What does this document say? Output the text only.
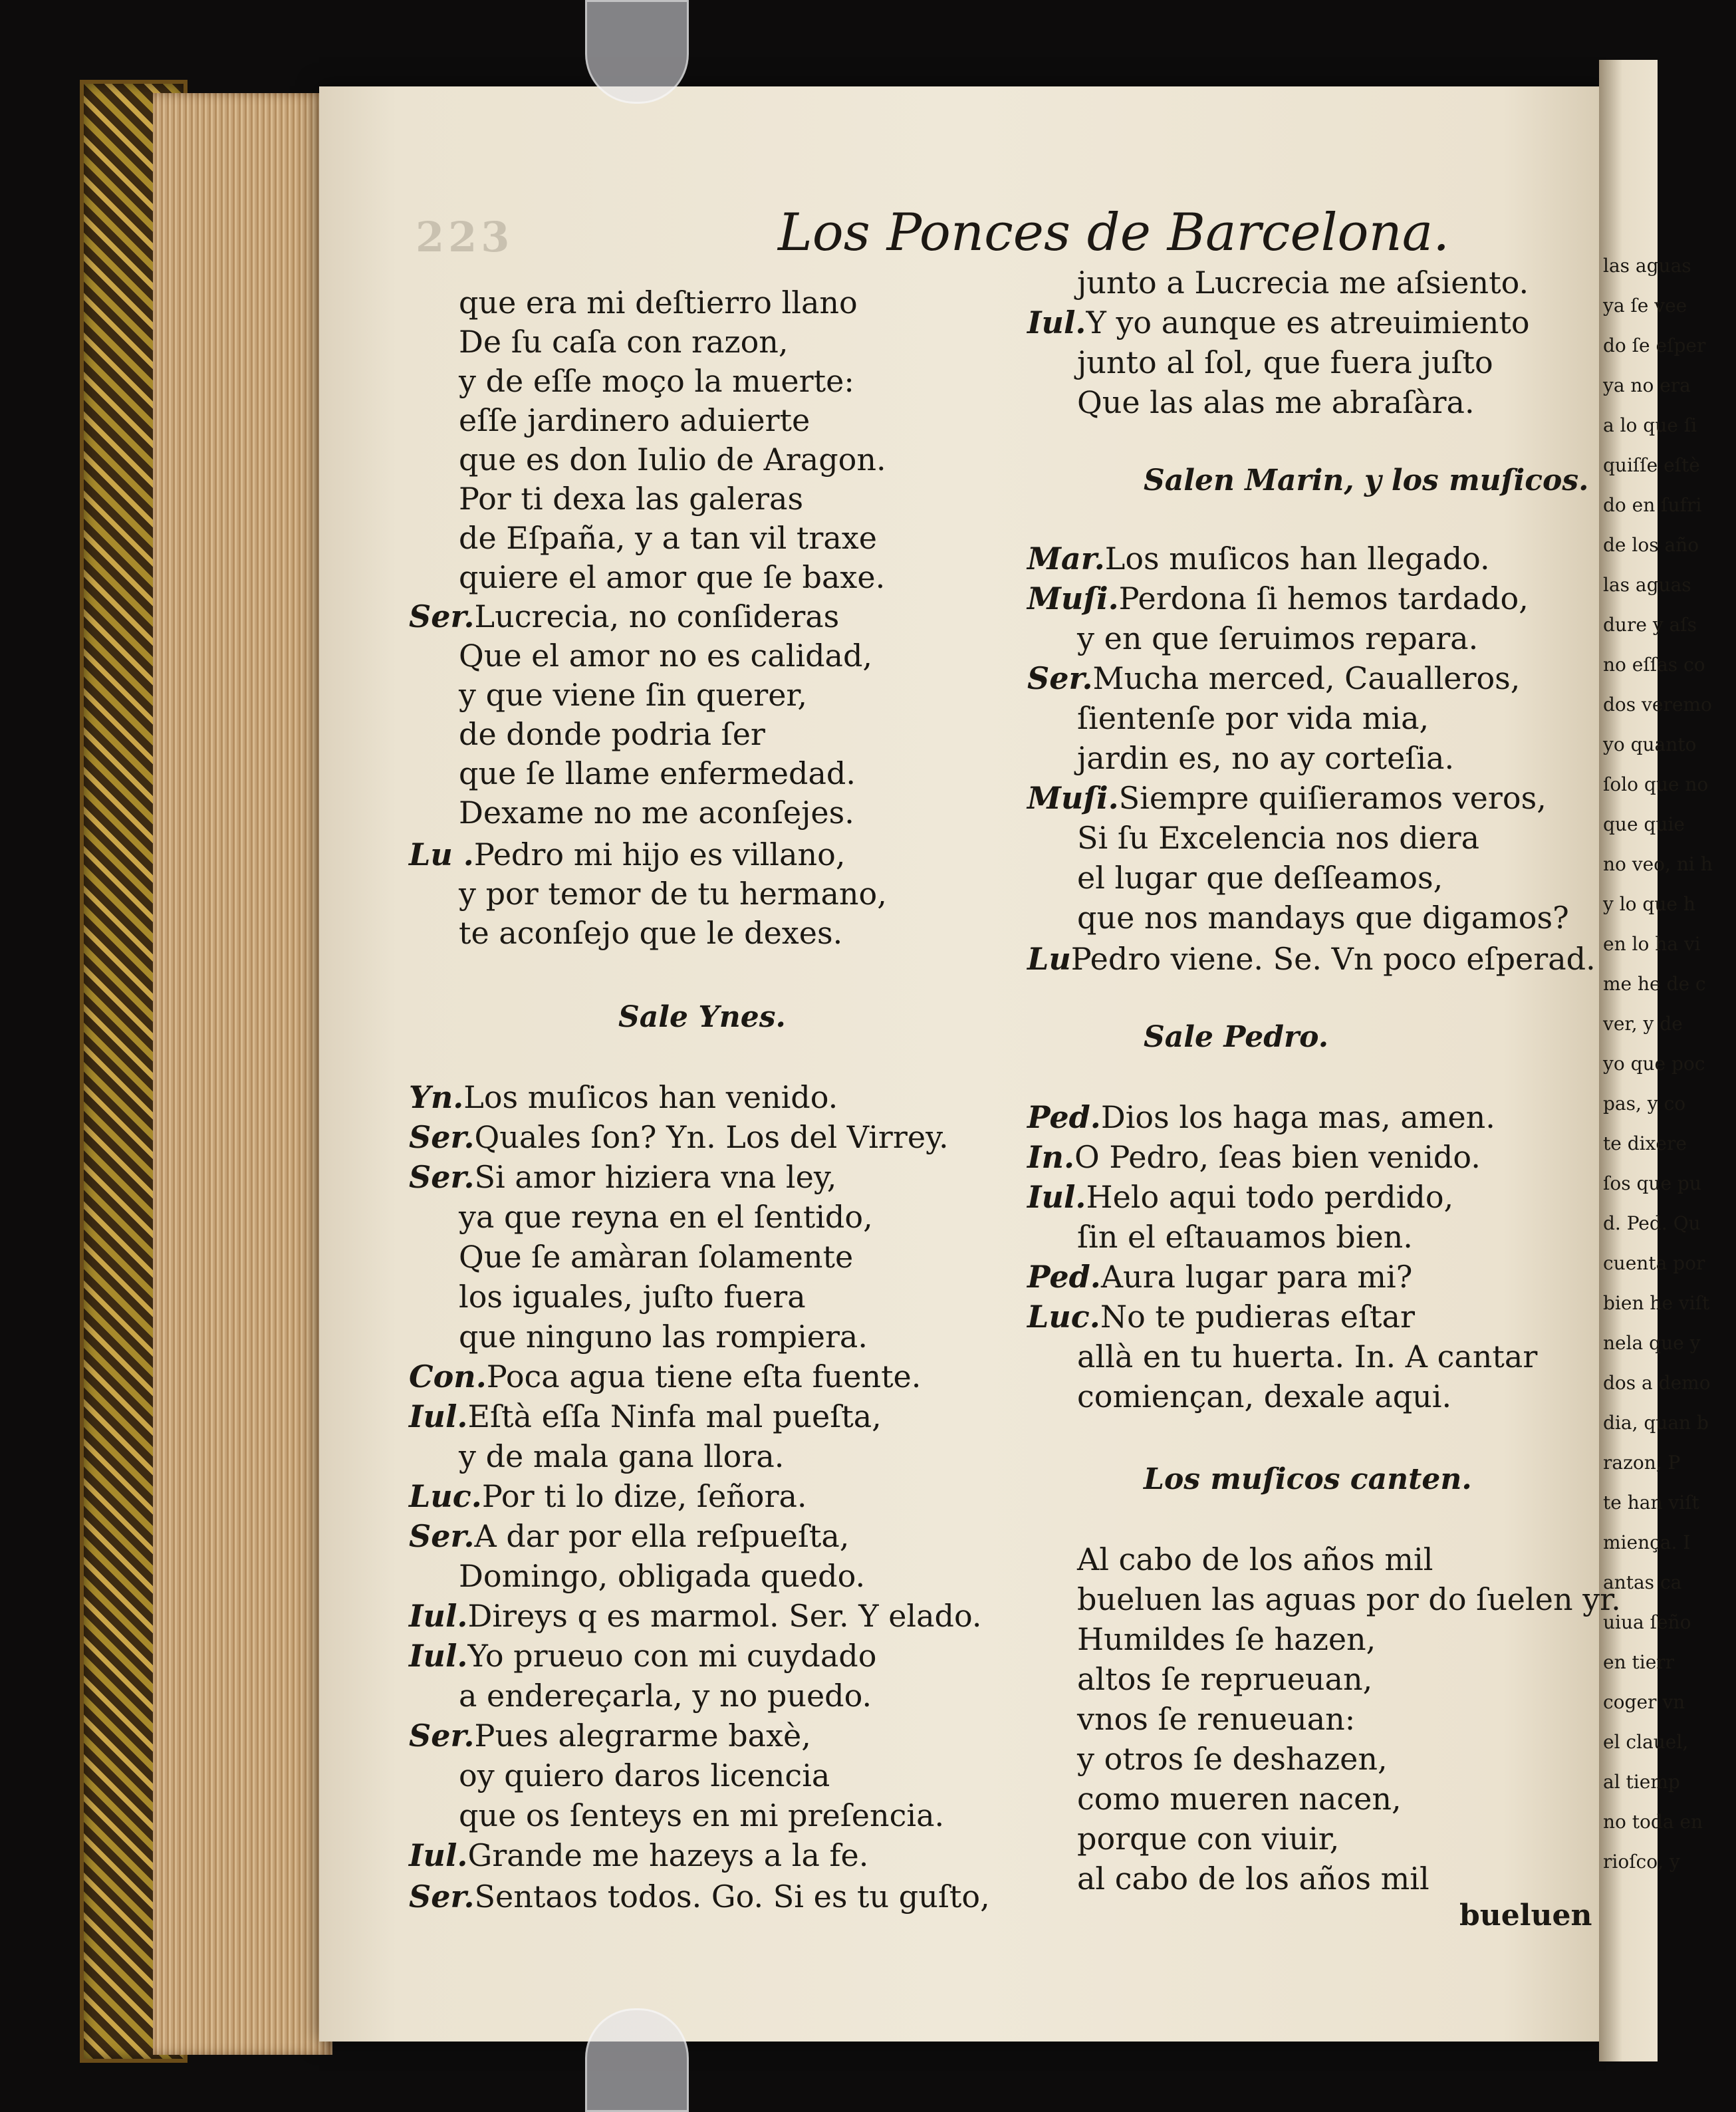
las aguas
ya ſe vee
do ſe eſper
ya no era
a lo que ſi
quiſſe eſtè
do en ſufri
de los año
las aguas
dure y aſs
no eſſas co
dos veremo
yo quanto
ſolo que no
que quie
no veo, ni h
y lo que h
en lo ha vi
me he de c
ver, y de
yo que poc
pas, y co
te dixere
ſos que pu
d. Ped. Qu
cuenta por
bien he viſt
nela que y
dos a demo
dia, quan b
razon, P
te han viſt
miença. I
antas ca
uiua ſeño
en tierr
coger vn
el clauel,
al tiemp
no toda en
rioſco, y
223	Los Ponces de Barcelona.
que era mi deſtierro llano
De ſu caſa con razon,
y de eſſe moço la muerte:
eſſe jardinero aduierte
que es don Iulio de Aragon.
Por ti dexa las galeras
de Eſpaña, y a tan vil traxe
quiere el amor que ſe baxe.
Ser.Lucrecia, no conſideras
Que el amor no es calidad,
y que viene ſin querer,
de donde podria ſer
que ſe llame enfermedad.
Dexame no me aconſejes.
Lu .Pedro mi hijo es villano,
y por temor de tu hermano,
te aconſejo que le dexes.
Sale Ynes.
Yn.Los muſicos han venido.
Ser.Quales ſon? Yn. Los del Virrey.
Ser.Si amor hiziera vna ley,
ya que reyna en el ſentido,
Que ſe amàran ſolamente
los iguales, juſto fuera
que ninguno las rompiera.
Con.Poca agua tiene eſta fuente.
Iul.Eſtà eſſa Ninfa mal pueſta,
y de mala gana llora.
Luc.Por ti lo dize, ſeñora.
Ser.A dar por ella reſpueſta,
Domingo, obligada quedo.
Iul.Direys q es marmol. Ser. Y elado.
Iul.Yo prueuo con mi cuydado
a endereçarla, y no puedo.
Ser.Pues alegrarme baxè,
oy quiero daros licencia
que os ſenteys en mi preſencia.
Iul.Grande me hazeys a la fe.
Ser.Sentaos todos. Go. Si es tu guſto,
junto a Lucrecia me aſsiento.
Iul.Y yo aunque es atreuimiento
junto al ſol, que fuera juſto
Que las alas me abraſàra.
Salen Marin, y los muſicos.
Mar.Los muſicos han llegado.
Muſi.Perdona ſi hemos tardado,
y en que ſeruimos repara.
Ser.Mucha merced, Caualleros,
ſientenſe por vida mia,
jardin es, no ay corteſia.
Muſi.Siempre quiſieramos veros,
Si ſu Excelencia nos diera
el lugar que deſſeamos,
que nos mandays que digamos?
LuPedro viene. Se. Vn poco eſperad.
Sale Pedro.
Ped.Dios los haga mas, amen.
In.O Pedro, ſeas bien venido.
Iul.Helo aqui todo perdido,
ſin el eſtauamos bien.
Ped.Aura lugar para mi?
Luc.No te pudieras eſtar
allà en tu huerta. In. A cantar
comiençan, dexale aqui.
Los muſicos canten.
Al cabo de los años mil
bueluen las aguas por do ſuelen yr.
Humildes ſe hazen,
altos ſe reprueuan,
vnos ſe renueuan:
y otros ſe deshazen,
como mueren nacen,
porque con viuir,
al cabo de los años mil
bueluen
